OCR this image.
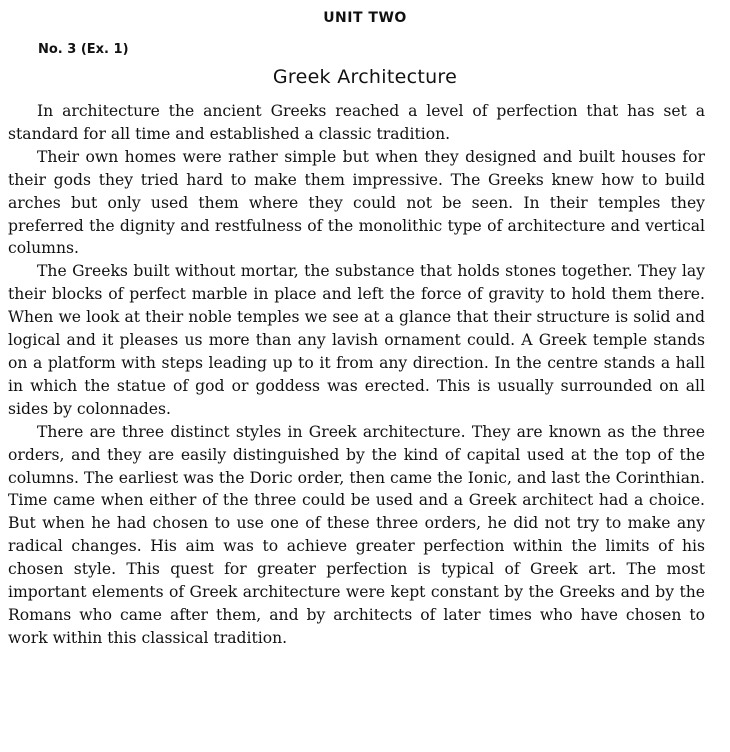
UNIT TWO
No. 3 (Ex. 1)
Greek Architecture

In architecture the ancient Greeks reached a level of perfection that has set a standard for all time and established a classic tradition.

Their own homes were rather simple but when they designed and built houses for their gods they tried hard to make them impressive. The Greeks knew how to build arches but only used them where they could not be seen. In their temples they preferred the dignity and restfulness of the monolithic type of architecture and vertical columns.

The Greeks built without mortar, the substance that holds stones together. They lay their blocks of perfect marble in place and left the force of gravity to hold them there. When we look at their noble temples we see at a glance that their structure is solid and logical and it pleases us more than any lavish ornament could. A Greek temple stands on a platform with steps leading up to it from any direction. In the centre stands a hall in which the statue of god or goddess was erected. This is usually surrounded on all sides by colonnades.

There are three distinct styles in Greek architecture. They are known as the three orders, and they are easily distinguished by the kind of capital used at the top of the columns. The earliest was the Doric order, then came the Ionic, and last the Corinthian. Time came when either of the three could be used and a Greek architect had a choice. But when he had chosen to use one of these three orders, he did not try to make any radical changes. His aim was to achieve greater perfection within the limits of his chosen style. This quest for greater perfection is typical of Greek art. The most important elements of Greek architecture were kept constant by the Greeks and by the Romans who came after them, and by architects of later times who have chosen to work within this classical tradition.
